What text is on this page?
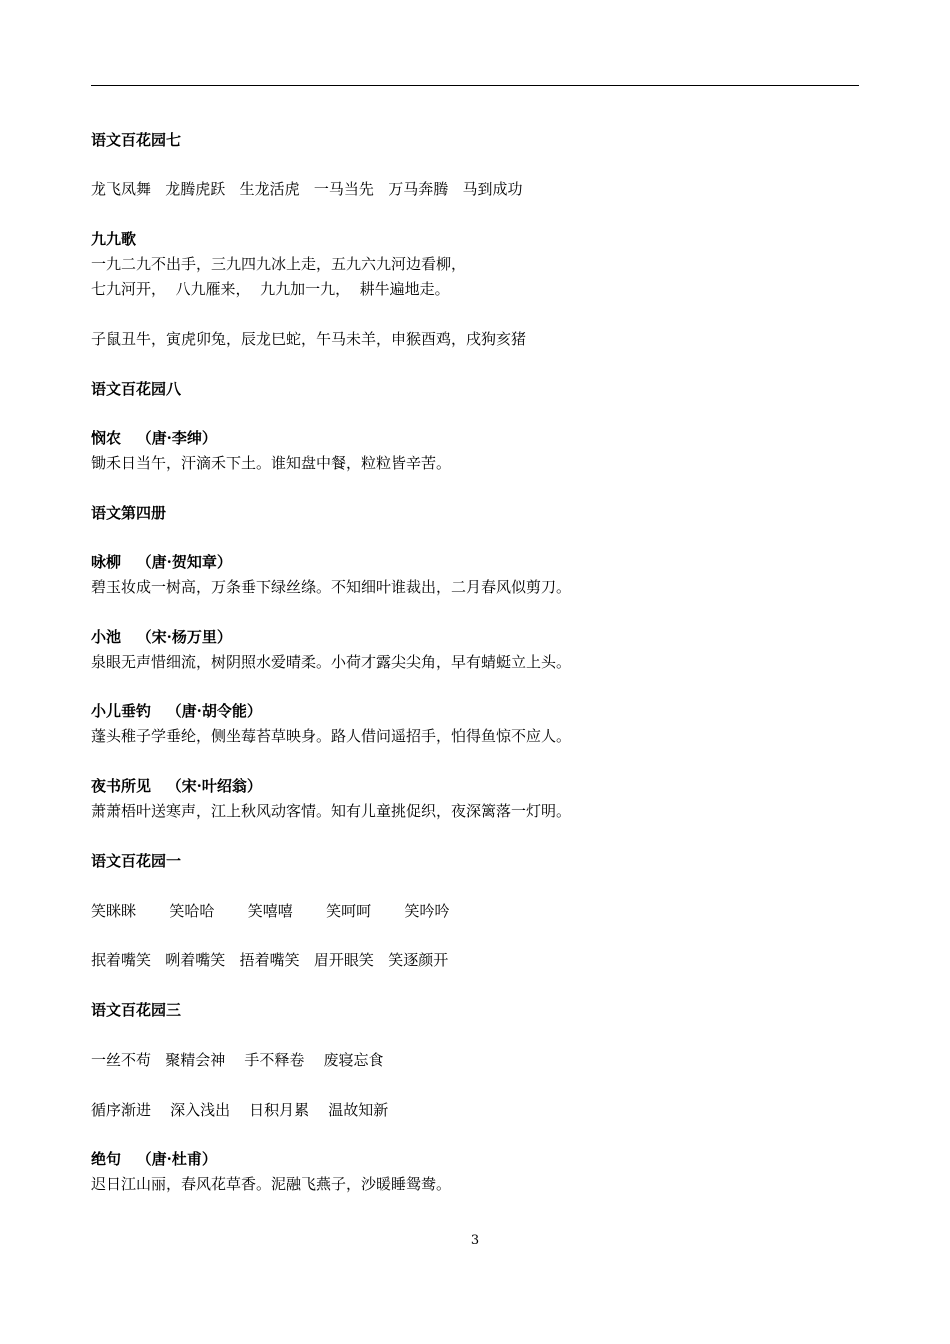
语文百花园七
龙飞凤舞   龙腾虎跃   生龙活虎   一马当先   万马奔腾   马到成功
九九歌
一九二九不出手，三九四九冰上走，五九六九河边看柳，
七九河开，  八九雁来，  九九加一九，  耕牛遍地走。
子鼠丑牛，寅虎卯兔，辰龙巳蛇，午马未羊，申猴酉鸡，戌狗亥猪
语文百花园八
悯农   （唐·李绅）
锄禾日当午，汗滴禾下土。谁知盘中餐，粒粒皆辛苦。
语文第四册
咏柳   （唐·贺知章）
碧玉妆成一树高，万条垂下绿丝绦。不知细叶谁裁出，二月春风似剪刀。
小池   （宋·杨万里）
泉眼无声惜细流，树阴照水爱晴柔。小荷才露尖尖角，早有蜻蜓立上头。
小儿垂钓   （唐·胡令能）
蓬头稚子学垂纶，侧坐莓苔草映身。路人借问遥招手，怕得鱼惊不应人。
夜书所见   （宋·叶绍翁）
萧萧梧叶送寒声，江上秋风动客情。知有儿童挑促织，夜深篱落一灯明。
语文百花园一
笑眯眯       笑哈哈       笑嘻嘻       笑呵呵       笑吟吟
抿着嘴笑   咧着嘴笑   捂着嘴笑   眉开眼笑   笑逐颜开
语文百花园三
一丝不苟   聚精会神    手不释卷    废寝忘食
循序渐进    深入浅出    日积月累    温故知新
绝句   （唐·杜甫）
迟日江山丽，春风花草香。泥融飞燕子，沙暖睡鸳鸯。
3
